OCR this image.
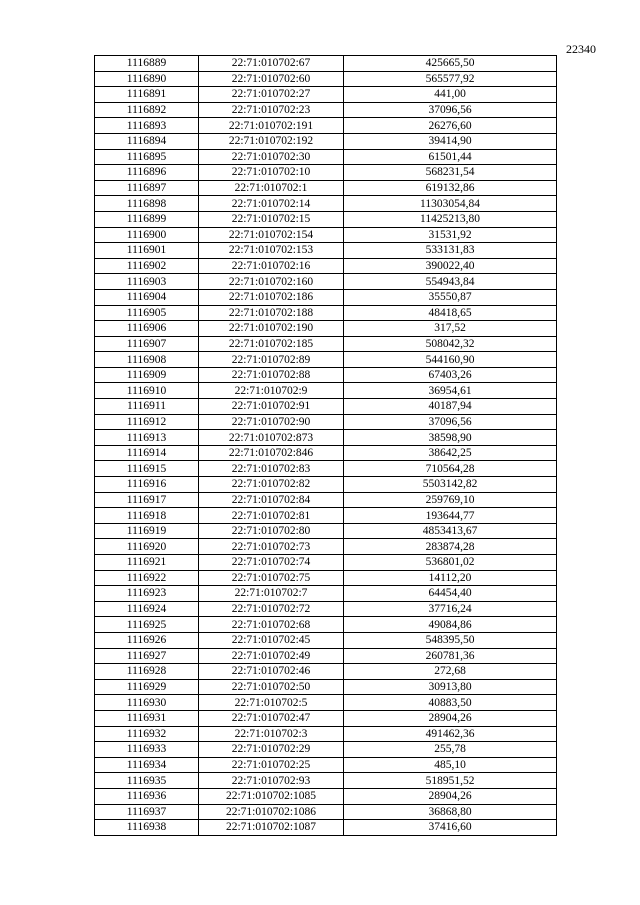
22340
1116889	22:71:010702:67	425665,50
1116890	22:71:010702:60	565577,92
1116891	22:71:010702:27	441,00
1116892	22:71:010702:23	37096,56
1116893	22:71:010702:191	26276,60
1116894	22:71:010702:192	39414,90
1116895	22:71:010702:30	61501,44
1116896	22:71:010702:10	568231,54
1116897	22:71:010702:1	619132,86
1116898	22:71:010702:14	11303054,84
1116899	22:71:010702:15	11425213,80
1116900	22:71:010702:154	31531,92
1116901	22:71:010702:153	533131,83
1116902	22:71:010702:16	390022,40
1116903	22:71:010702:160	554943,84
1116904	22:71:010702:186	35550,87
1116905	22:71:010702:188	48418,65
1116906	22:71:010702:190	317,52
1116907	22:71:010702:185	508042,32
1116908	22:71:010702:89	544160,90
1116909	22:71:010702:88	67403,26
1116910	22:71:010702:9	36954,61
1116911	22:71:010702:91	40187,94
1116912	22:71:010702:90	37096,56
1116913	22:71:010702:873	38598,90
1116914	22:71:010702:846	38642,25
1116915	22:71:010702:83	710564,28
1116916	22:71:010702:82	5503142,82
1116917	22:71:010702:84	259769,10
1116918	22:71:010702:81	193644,77
1116919	22:71:010702:80	4853413,67
1116920	22:71:010702:73	283874,28
1116921	22:71:010702:74	536801,02
1116922	22:71:010702:75	14112,20
1116923	22:71:010702:7	64454,40
1116924	22:71:010702:72	37716,24
1116925	22:71:010702:68	49084,86
1116926	22:71:010702:45	548395,50
1116927	22:71:010702:49	260781,36
1116928	22:71:010702:46	272,68
1116929	22:71:010702:50	30913,80
1116930	22:71:010702:5	40883,50
1116931	22:71:010702:47	28904,26
1116932	22:71:010702:3	491462,36
1116933	22:71:010702:29	255,78
1116934	22:71:010702:25	485,10
1116935	22:71:010702:93	518951,52
1116936	22:71:010702:1085	28904,26
1116937	22:71:010702:1086	36868,80
1116938	22:71:010702:1087	37416,60
